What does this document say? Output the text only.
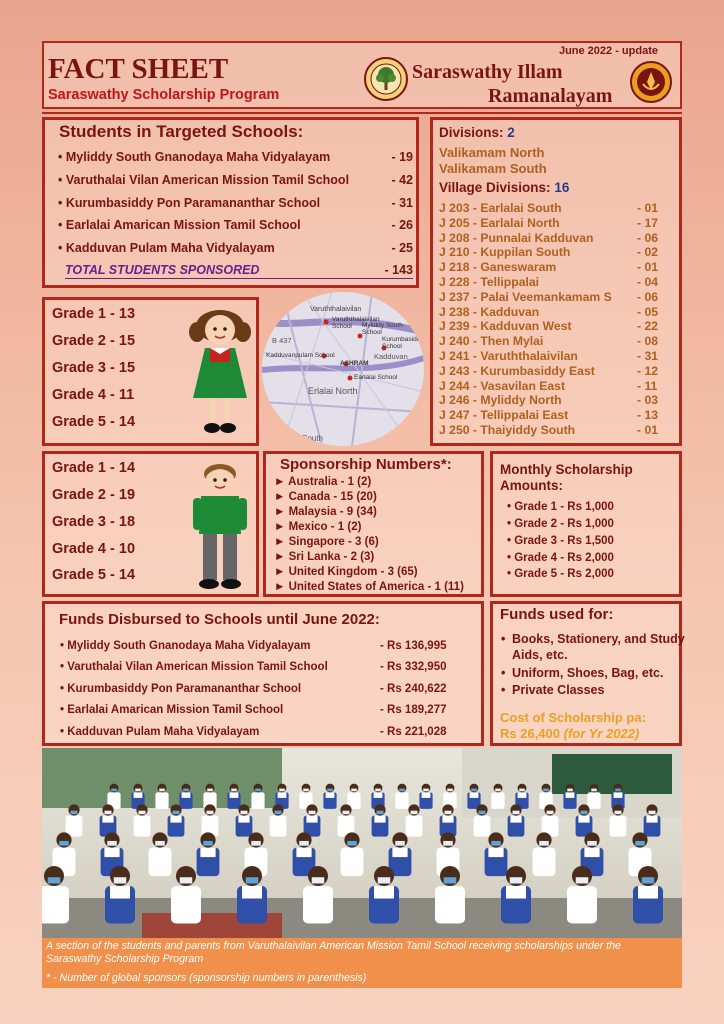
FACT SHEET
Saraswathy Scholarship Program
June 2022 - update
Saraswathy Illam
Ramanalayam
Students in Targeted Schools:
• Myliddy South Gnanodaya Maha Vidyalayam	- 19
• Varuthalai Vilan American Mission Tamil School	- 42
• Kurumbasiddy Pon Paramananthar School	- 31
• Earlalai Amarican Mission Tamil School	- 26
• Kadduvan Pulam Maha Vidyalayam	- 25
TOTAL STUDENTS SPONSORED	- 143
Divisions: 2
Valikamam North
Valikamam South
Village Divisions: 16
J 203 - Earlalai South	- 01
J 205 - Earlalai North	- 17
J 208 - Punnalai Kadduvan	- 06
J 210 - Kuppilan South	- 02
J 218 - Ganeswaram	- 01
J 228 - Tellippalai	- 04
J 237 - Palai Veemankamam S - 06
J 238 - Kadduvan	- 05
J 239 - Kadduvan West	- 22
J 240 - Then Mylai	- 08
J 241 - Varuththalaivilan	- 31
J 243 - Kurumbasiddy East	- 12
J 244 - Vasavilan East	- 11
J 246 - Myliddy North	- 03
J 247 - Tellippalai East	- 13
J 250 - Thaiyiddy South	- 01
Grade 1 - 13
Grade 2 - 15
Grade 3 - 15
Grade 4 - 11
Grade 5 - 14
Varuththalaivilan
Varuththalaivilan School	Myliddy South School
Kurumbasiddy School
B 437
Kadduvanpulam School	Kadduvan
ASHRAM
Earlalai School
Erlalai North
South
Grade 1 - 14
Grade 2 - 19
Grade 3 - 18
Grade 4 - 10
Grade 5 - 14
Sponsorship Numbers*:
► Australia - 1 (2)
► Canada - 15 (20)
► Malaysia - 9 (34)
► Mexico - 1 (2)
► Singapore - 3 (6)
► Sri Lanka - 2 (3)
► United Kingdom - 3 (65)
► United States of America - 1 (11)
Monthly Scholarship Amounts:
• Grade 1 - Rs 1,000
• Grade 2 - Rs 1,000
• Grade 3 - Rs 1,500
• Grade 4 - Rs 2,000
• Grade 5 - Rs 2,000
Funds Disbursed to Schools until June 2022:
• Myliddy South Gnanodaya Maha Vidyalayam	- Rs 136,995
• Varuthalai Vilan American Mission Tamil School	- Rs 332,950
• Kurumbasiddy Pon Paramananthar School	- Rs 240,622
• Earlalai Amarican Mission Tamil School	- Rs 189,277
• Kadduvan Pulam Maha Vidyalayam	- Rs 221,028
Funds used for:
• Books, Stationery, and Study Aids, etc.
• Uniform, Shoes, Bag, etc.
• Private Classes
Cost of Scholarship pa:
Rs 26,400 (for Yr 2022)
A section of the students and parents from Varuthalaivilan American Mission Tamil School receiving scholarships under the Saraswathy Scholarship Program
* - Number of global sponsors (sponsorship numbers in parenthesis)
